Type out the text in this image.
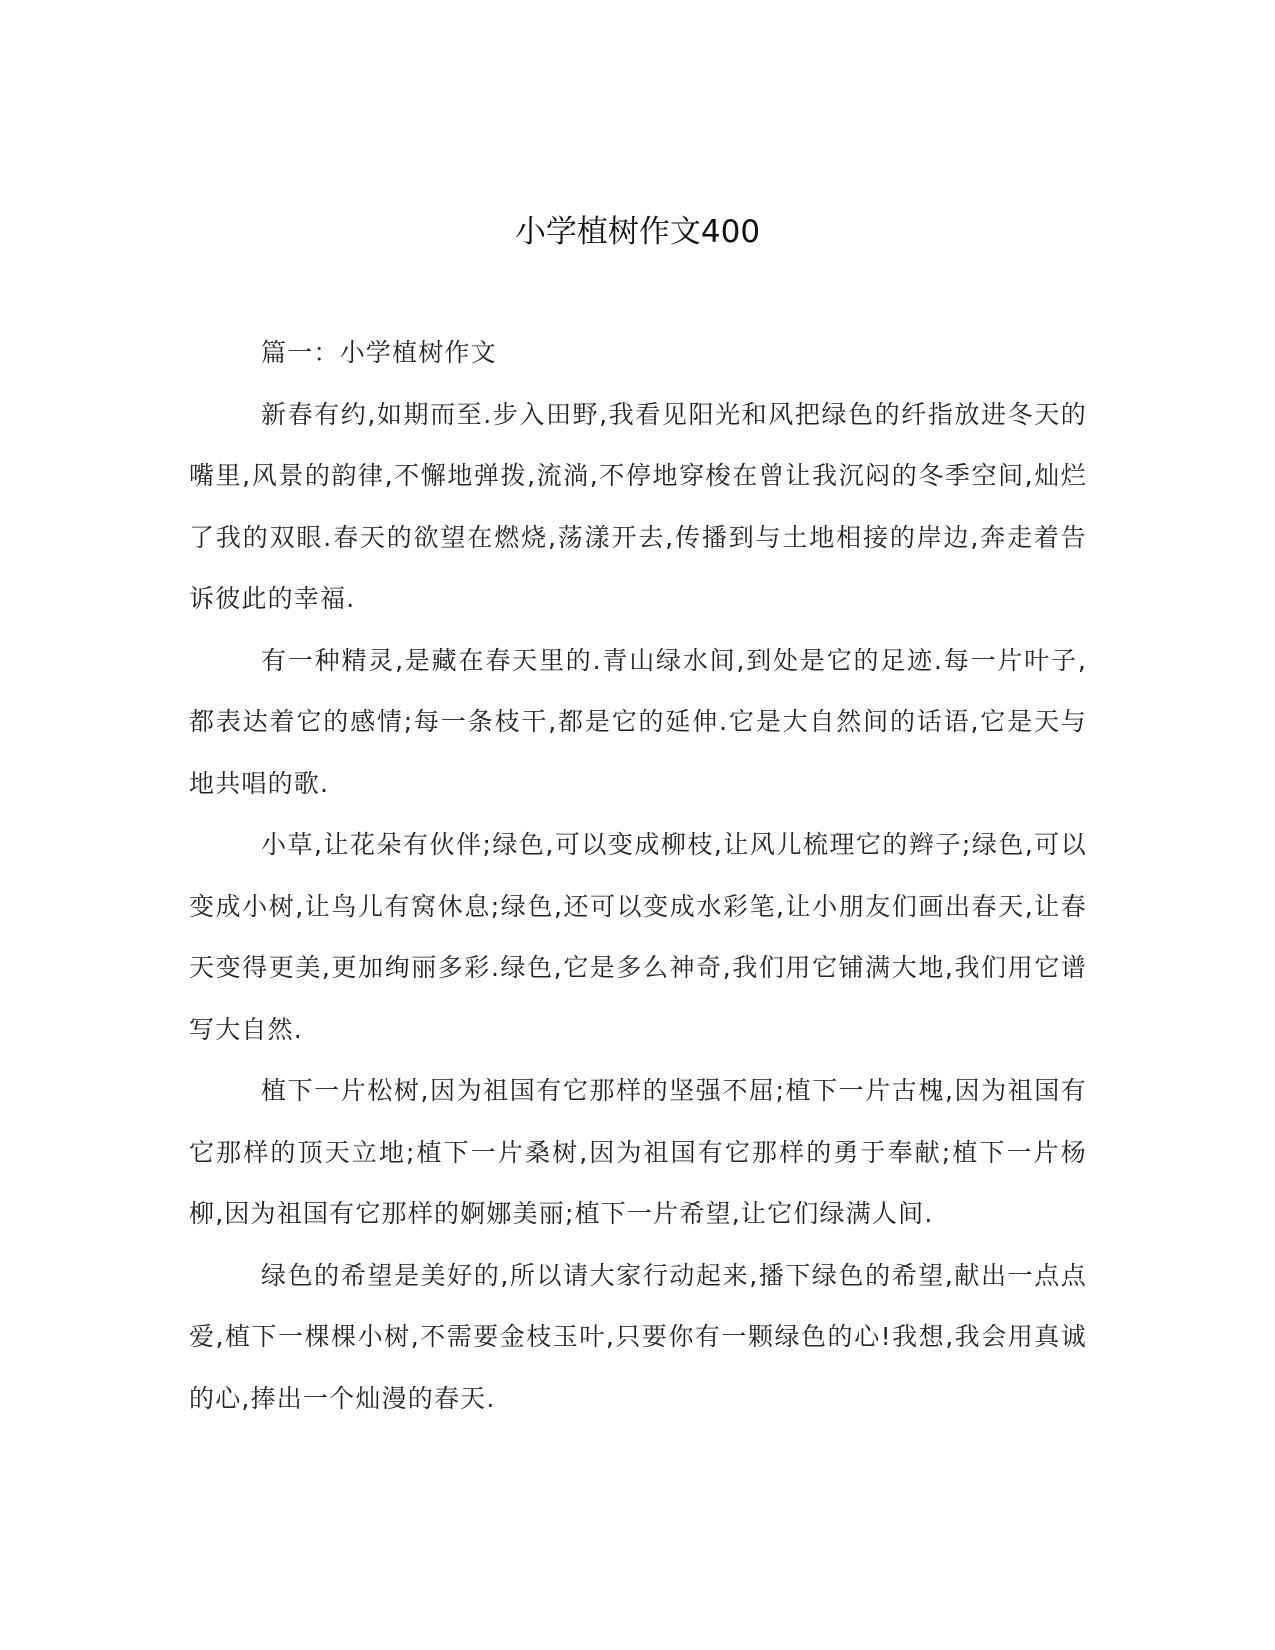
小学植树作文400

篇一：小学植树作文

新春有约,如期而至.步入田野,我看见阳光和风把绿色的纤指放进冬天的嘴里,风景的韵律,不懈地弹拨,流淌,不停地穿梭在曾让我沉闷的冬季空间,灿烂了我的双眼.春天的欲望在燃烧,荡漾开去,传播到与土地相接的岸边,奔走着告诉彼此的幸福.

有一种精灵,是藏在春天里的.青山绿水间,到处是它的足迹.每一片叶子,都表达着它的感情;每一条枝干,都是它的延伸.它是大自然间的话语,它是天与地共唱的歌.

小草,让花朵有伙伴;绿色,可以变成柳枝,让风儿梳理它的辫子;绿色,可以变成小树,让鸟儿有窝休息;绿色,还可以变成水彩笔,让小朋友们画出春天,让春天变得更美,更加绚丽多彩.绿色,它是多么神奇,我们用它铺满大地,我们用它谱写大自然.

植下一片松树,因为祖国有它那样的坚强不屈;植下一片古槐,因为祖国有它那样的顶天立地;植下一片桑树,因为祖国有它那样的勇于奉献;植下一片杨柳,因为祖国有它那样的婀娜美丽;植下一片希望,让它们绿满人间.

绿色的希望是美好的,所以请大家行动起来,播下绿色的希望,献出一点点爱,植下一棵棵小树,不需要金枝玉叶,只要你有一颗绿色的心!我想,我会用真诚的心,捧出一个灿漫的春天.
